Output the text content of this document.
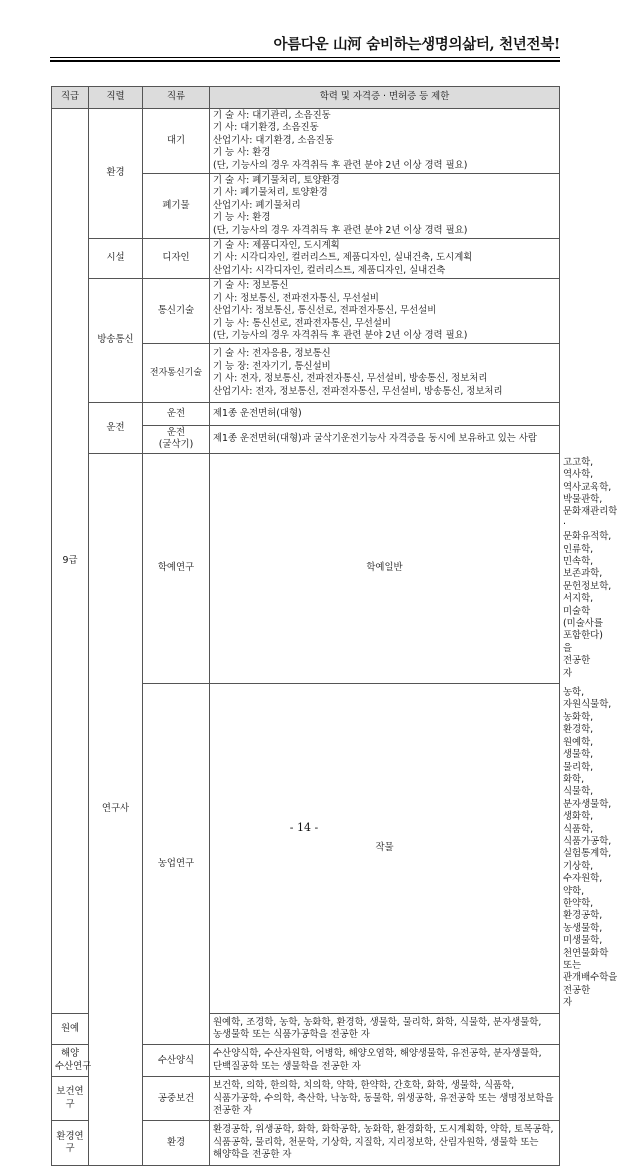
아름다운 山河 숨비하는생명의삶터, 천년전북!
직급	직렬	직류	학력 및 자격증 · 면허증 등 제한	
9급	환경	대기	기 술 사: 대기관리, 소음진동
기 사: 대기환경, 소음진동
산업기사: 대기환경, 소음진동
기 능 사: 환경
(단, 기능사의 경우 자격취득 후 관련 분야 2년 이상 경력 필요)	

		폐기물	기 술 사: 폐기물처리, 토양환경
기 사: 폐기물처리, 토양환경
산업기사: 폐기물처리
기 능 사: 환경
(단, 기능사의 경우 자격취득 후 관련 분야 2년 이상 경력 필요)	

	시설	디자인	기 술 사: 제품디자인, 도시계획
기 사: 시각디자인, 컬러리스트, 제품디자인, 실내건축, 도시계획
산업기사: 시각디자인, 컬러리스트, 제품디자인, 실내건축	

	방송통신	통신기술	기 술 사: 정보통신
기 사: 정보통신, 전파전자통신, 무선설비
산업기사: 정보통신, 통신선로, 전파전자통신, 무선설비
기 능 사: 통신선로, 전파전자통신, 무선설비
(단, 기능사의 경우 자격취득 후 관련 분야 2년 이상 경력 필요)	

		전자통신기술	기 술 사: 전자응용, 정보통신
기 능 장: 전자기기, 통신설비
기 사: 전자, 정보통신, 전파전자통신, 무선설비, 방송통신, 정보처리
산업기사: 전자, 정보통신, 전파전자통신, 무선설비, 방송통신, 정보처리	

	운전	운전	제1종 운전면허(대형)	

		운전
(굴삭기)	제1종 운전면허(대형)과 굴삭기운전기능사 자격증을 동시에 보유하고 있는 사람	
	연구사	학예연구	학예일반	고고학, 역사학, 역사교육학, 박물관학, 문화재관리학·문화유적학, 인류학, 민속학, 보존과학, 문헌정보학, 서지학, 미술학(미술사를 포함한다)을 전공한 자
		농업연구	작물	농학, 자원식물학, 농화학, 환경학, 원예학, 생물학, 물리학, 화학, 식물학, 분자생물학, 생화학, 식품학, 식품가공학, 실험통계학, 기상학, 수자원학, 약학, 한약학, 환경공학, 농생물학, 미생물학, 천연물화학 또는 관개배수학을 전공한 자
원예			원예학, 조경학, 농학, 농화학, 환경학, 생물학, 물리학, 화학, 식물학, 분자생물학, 농생물학 또는 식품가공학을 전공한 자	

해양
수산연구		수산양식	수산양식학, 수산자원학, 어병학, 해양오염학, 해양생물학, 유전공학, 분자생물학, 단백질공학 또는 생물학을 전공한 자	
보건연구		공중보건	보건학, 의학, 한의학, 치의학, 약학, 한약학, 간호학, 화학, 생물학, 식품학, 식품가공학, 수의학, 축산학, 낙농학, 동물학, 위생공학, 유전공학 또는 생명정보학을 전공한 자	
환경연구		환경	환경공학, 위생공학, 화학, 화학공학, 농화학, 환경화학, 도시계획학, 약학, 토목공학, 식품공학, 물리학, 천문학, 기상학, 지질학, 지리정보학, 산림자원학, 생물학 또는 해양학을 전공한 자	
- 14 -
